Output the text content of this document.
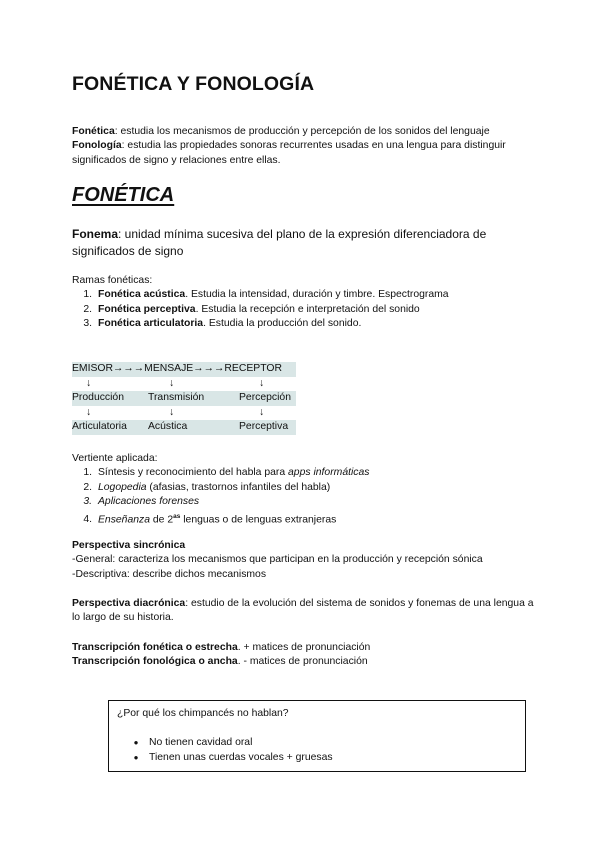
FONÉTICA Y FONOLOGÍA
Fonética: estudia los mecanismos de producción y percepción de los sonidos del lenguaje
Fonología: estudia las propiedades sonoras recurrentes usadas en una lengua para distinguir significados de signo y relaciones entre ellas.
FONÉTICA
Fonema: unidad mínima sucesiva del plano de la expresión diferenciadora de significados de signo
Ramas fonéticas:
1. Fonética acústica. Estudia la intensidad, duración y timbre. Espectrograma
2. Fonética perceptiva. Estudia la recepción e interpretación del sonido
3. Fonética articulatoria. Estudia la producción del sonido.
EMISOR→→→MENSAJE→→→RECEPTOR
↓	↓	↓
Producción Transmisión	Percepción
↓	↓	↓
Articulatoria Acústica	Perceptiva
Vertiente aplicada:
1. Síntesis y reconocimiento del habla para apps informáticas
2. Logopedia (afasias, trastornos infantiles del habla)
3. Aplicaciones forenses
4. Enseñanza de $2^{as}$ lenguas o de lenguas extranjeras
Perspectiva sincrónica
-General: caracteriza los mecanismos que participan en la producción y recepción sónica
-Descriptiva: describe dichos mecanismos
Perspectiva diacrónica: estudio de la evolución del sistema de sonidos y fonemas de una lengua a lo largo de su historia.
Transcripción fonética o estrecha. + matices de pronunciación
Transcripción fonológica o ancha. - matices de pronunciación
¿Por qué los chimpancés no hablan?
● No tienen cavidad oral
● Tienen unas cuerdas vocales + gruesas
